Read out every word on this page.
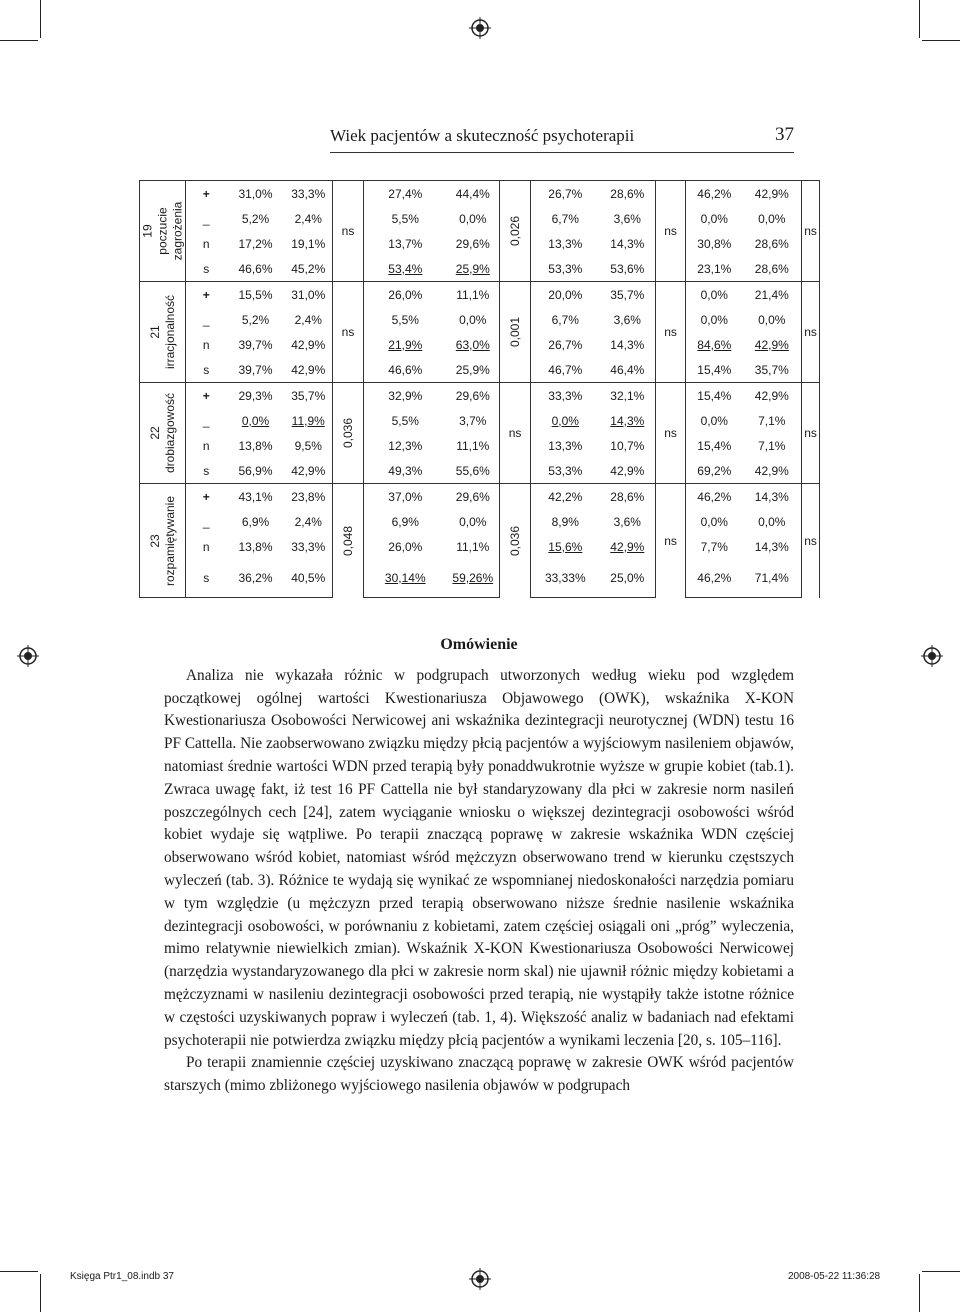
Wiek pacjentów a skuteczność psychoterapii	37
19 poczucie zagrożenia	+	31,0%	33,3%	ns	27,4%	44,4%	0,026	26,7%	28,6%	ns	46,2%	42,9%	ns
	_	5,2%	2,4%		5,5%	0,0%		6,7%	3,6%		0,0%	0,0%	
	n	17,2%	19,1%		13,7%	29,6%		13,3%	14,3%		30,8%	28,6%	
	s	46,6%	45,2%		53,4%	25,9%		53,3%	53,6%		23,1%	28,6%	

21 irracjonalność	+	15,5%	31,0%	ns	26,0%	11,1%	0,001	20,0%	35,7%	ns	0,0%	21,4%	ns
	_	5,2%	2,4%		5,5%	0,0%		6,7%	3,6%		0,0%	0,0%	
	n	39,7%	42,9%		21,9%	63,0%		26,7%	14,3%		84,6%	42,9%	
	s	39,7%	42,9%		46,6%	25,9%		46,7%	46,4%		15,4%	35,7%	

22 drobiazgowość	+	29,3%	35,7%	0,036	32,9%	29,6%	ns	33,3%	32,1%	ns	15,4%	42,9%	ns
	_	0,0%	11,9%		5,5%	3,7%		0,0%	14,3%		0,0%	7,1%	
	n	13,8%	9,5%		12,3%	11,1%		13,3%	10,7%		15,4%	7,1%	
	s	56,9%	42,9%		49,3%	55,6%		53,3%	42,9%		69,2%	42,9%	

23 rozpamiętywanie	+	43,1%	23,8%	0,048	37,0%	29,6%	0,036	42,2%	28,6%	ns	46,2%	14,3%	ns
	_	6,9%	2,4%		6,9%	0,0%		8,9%	3,6%		0,0%	0,0%	
	n	13,8%	33,3%		26,0%	11,1%		15,6%	42,9%		7,7%	14,3%	
	s	36,2%	40,5%		30,14%	59,26%		33,33%	25,0%		46,2%	71,4%	
Omówienie

Analiza nie wykazała różnic w podgrupach utworzonych według wieku pod względem początkowej ogólnej wartości Kwestionariusza Objawowego (OWK), wskaźnika X-KON Kwestionariusza Osobowości Nerwicowej ani wskaźnika dezintegracji neurotycznej (WDN) testu 16 PF Cattella. Nie zaobserwowano związku między płcią pacjentów a wyjściowym nasileniem objawów, natomiast średnie wartości WDN przed terapią były ponaddwukrotnie wyższe w grupie kobiet (tab.1). Zwraca uwagę fakt, iż test 16 PF Cattella nie był standaryzowany dla płci w zakresie norm nasileń poszczególnych cech [24], zatem wyciąganie wniosku o większej dezintegracji osobowości wśród kobiet wydaje się wątpliwe. Po terapii znaczącą poprawę w zakresie wskaźnika WDN częściej obserwowano wśród kobiet, natomiast wśród mężczyzn obserwowano trend w kierunku częstszych wyleczeń (tab. 3). Różnice te wydają się wynikać ze wspomnianej niedoskonałości narzędzia pomiaru w tym względzie (u mężczyzn przed terapią obserwowano niższe średnie nasilenie wskaźnika dezintegracji osobowości, w porównaniu z kobietami, zatem częściej osiągali oni „próg” wyleczenia, mimo relatywnie niewielkich zmian). Wskaźnik X-KON Kwestionariusza Osobowości Nerwicowej (narzędzia wystandaryzowanego dla płci w zakresie norm skal) nie ujawnił różnic między kobietami a mężczyznami w nasileniu dezintegracji osobowości przed terapią, nie wystąpiły także istotne różnice w częstości uzyskiwanych popraw i wyleczeń (tab. 1, 4). Większość analiz w badaniach nad efektami psychoterapii nie potwierdza związku między płcią pacjentów a wynikami leczenia [20, s. 105–116].

Po terapii znamiennie częściej uzyskiwano znaczącą poprawę w zakresie OWK wśród pacjentów starszych (mimo zbliżonego wyjściowego nasilenia objawów w podgrupach

Księga Ptr1_08.indb 37	2008-05-22 11:36:28
